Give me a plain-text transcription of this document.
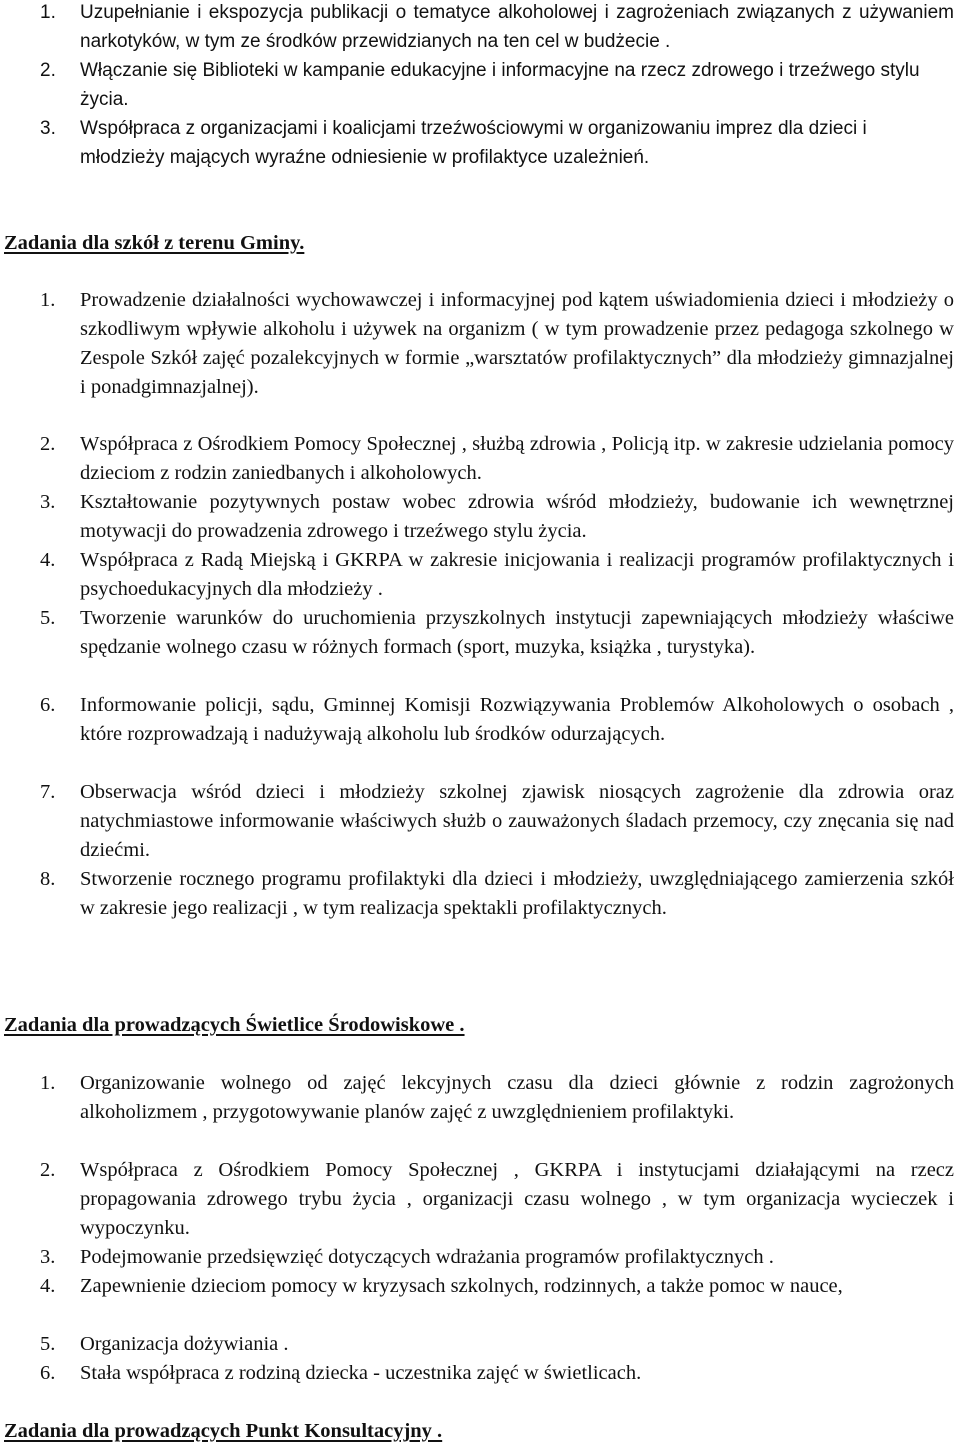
1.	Uzupełnianie i ekspozycja publikacji o tematyce alkoholowej i zagrożeniach związanych z używaniem narkotyków, w tym ze środków przewidzianych na ten cel w budżecie .
2.	Włączanie się Biblioteki w kampanie edukacyjne i informacyjne na rzecz zdrowego i trzeźwego stylu życia.
3.	Współpraca z organizacjami i koalicjami trzeźwościowymi w organizowaniu imprez dla dzieci i młodzieży mających wyraźne odniesienie w profilaktyce uzależnień.
Zadania dla szkół z terenu Gminy.
1.	Prowadzenie działalności wychowawczej i informacyjnej pod kątem uświadomienia dzieci i młodzieży o szkodliwym wpływie alkoholu i używek na organizm ( w tym prowadzenie przez pedagoga szkolnego w Zespole Szkół zajęć pozalekcyjnych w formie „warsztatów profilaktycznych” dla młodzieży gimnazjalnej i ponadgimnazjalnej).
2.	Współpraca z Ośrodkiem Pomocy Społecznej , służbą zdrowia , Policją itp. w zakresie udzielania pomocy dzieciom z rodzin zaniedbanych i alkoholowych.
3.	Kształtowanie pozytywnych postaw wobec zdrowia wśród młodzieży, budowanie ich wewnętrznej motywacji do prowadzenia zdrowego i trzeźwego stylu życia.
4.	Współpraca z Radą Miejską i GKRPA w zakresie inicjowania i realizacji programów profilaktycznych i psychoedukacyjnych dla młodzieży .
5.	Tworzenie warunków do uruchomienia przyszkolnych instytucji zapewniających młodzieży właściwe spędzanie wolnego czasu w różnych formach (sport, muzyka, książka , turystyka).
6.	Informowanie policji, sądu, Gminnej Komisji Rozwiązywania Problemów Alkoholowych o osobach , które rozprowadzają i nadużywają alkoholu lub środków odurzających.
7.	Obserwacja wśród dzieci i młodzieży szkolnej zjawisk niosących zagrożenie dla zdrowia oraz natychmiastowe informowanie właściwych służb o zauważonych śladach przemocy, czy znęcania się nad dziećmi.
8.	Stworzenie rocznego programu profilaktyki dla dzieci i młodzieży, uwzględniającego zamierzenia szkół w zakresie jego realizacji , w tym realizacja spektakli profilaktycznych.
Zadania dla prowadzących Świetlice Środowiskowe .
1.	Organizowanie wolnego od zajęć lekcyjnych czasu dla dzieci głównie z rodzin zagrożonych alkoholizmem , przygotowywanie planów zajęć z uwzględnieniem profilaktyki.
2.	Współpraca z Ośrodkiem Pomocy Społecznej , GKRPA i instytucjami działającymi na rzecz propagowania zdrowego trybu życia , organizacji czasu wolnego , w tym organizacja wycieczek i wypoczynku.
3.	Podejmowanie przedsięwzięć dotyczących wdrażania programów profilaktycznych .
4.	Zapewnienie dzieciom pomocy w kryzysach szkolnych, rodzinnych, a także pomoc w nauce,
5.	Organizacja dożywiania .
6.	Stała współpraca z rodziną dziecka - uczestnika zajęć w świetlicach.
Zadania dla prowadzących Punkt Konsultacyjny .
